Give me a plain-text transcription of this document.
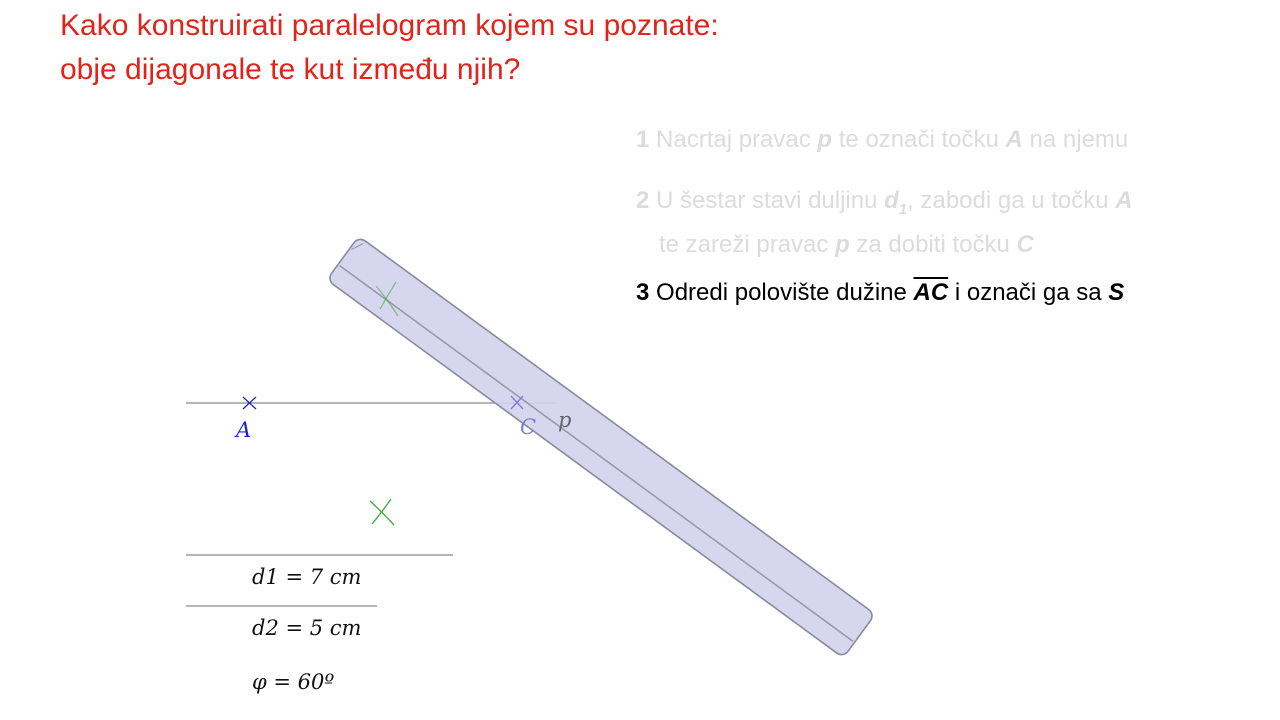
Kako konstruirati paralelogram kojem su poznate:
obje dijagonale te kut između njih?
1 Nacrtaj pravac p te označi točku A na njemu
2 U šestar stavi duljinu $d_1$, zabodi ga u točku A
te zareži pravac p za dobiti točku C
3 Odredi polovište dužine $\overline{AC}$ i označi ga sa S
A	C p
d1 = 7 cm
d2 = 5 cm
φ = 60º
